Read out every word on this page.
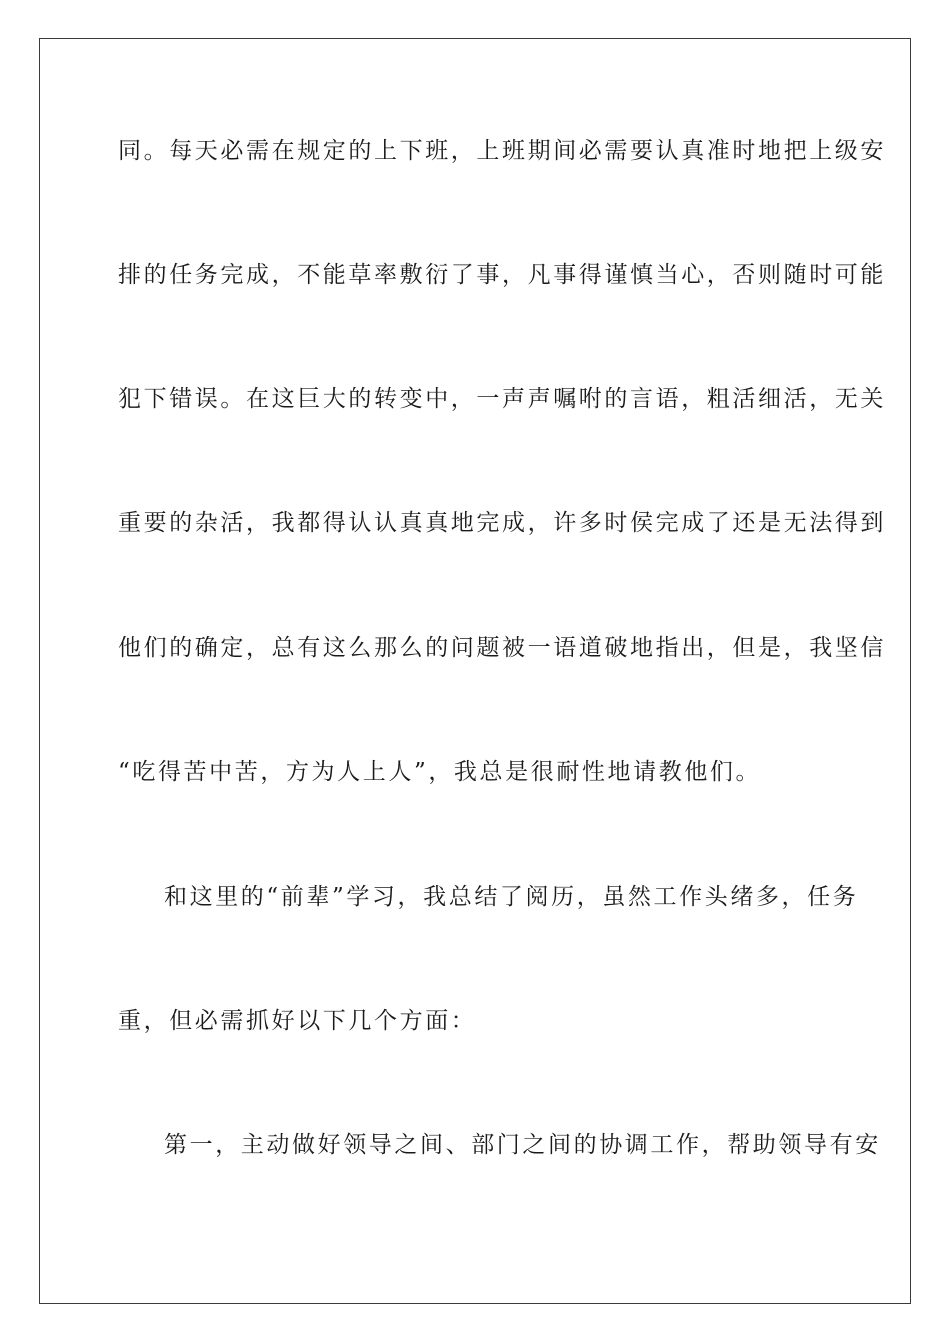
同。每天必需在规定的上下班，上班期间必需要认真准时地把上级安
排的任务完成，不能草率敷衍了事，凡事得谨慎当心，否则随时可能
犯下错误。在这巨大的转变中，一声声嘱咐的言语，粗活细活，无关
重要的杂活，我都得认认真真地完成，许多时侯完成了还是无法得到
他们的确定，总有这么那么的问题被一语道破地指出，但是，我坚信
“吃得苦中苦，方为人上人”，我总是很耐性地请教他们。
和这里的“前辈”学习，我总结了阅历，虽然工作头绪多，任务
重，但必需抓好以下几个方面：
第一，主动做好领导之间、部门之间的协调工作，帮助领导有安
